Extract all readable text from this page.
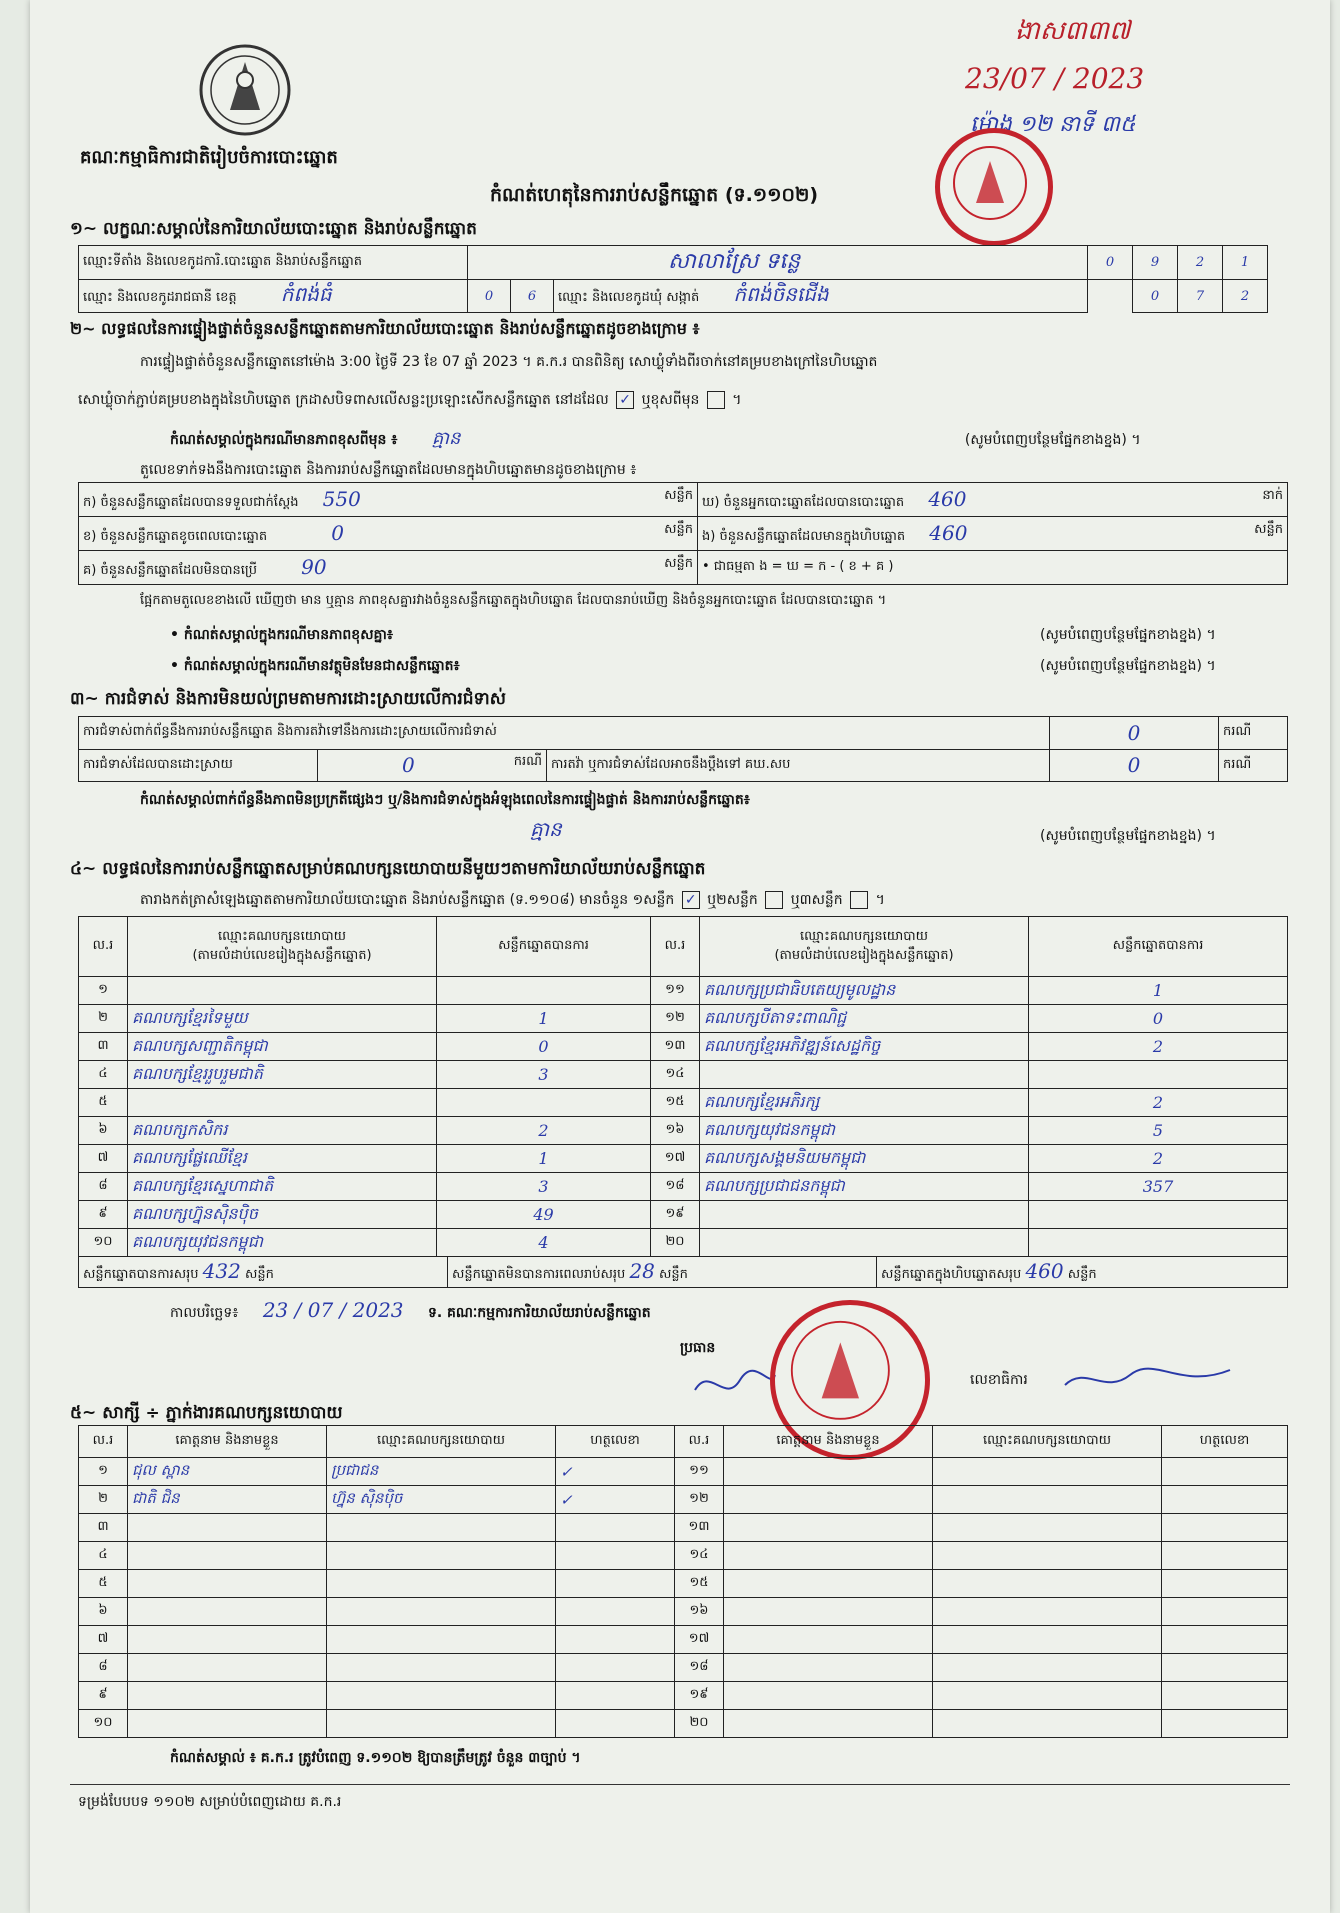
គណៈកម្មាធិការជាតិរៀបចំការបោះឆ្នោត
កំណត់ហេតុនៃការរាប់សន្លឹកឆ្នោត (ទ.១១០២)
ងាស៣៣៧
23/07 / 2023
ម៉ោង ១២ នាទី ៣៥
១~ លក្ខណៈសម្គាល់នៃការិយាល័យបោះឆ្នោត និងរាប់សន្លឹកឆ្នោត
ឈ្មោះទីតាំង និងលេខកូដការិ.បោះឆ្នោត និងរាប់សន្លឹកឆ្នោត	សាលាស្រែ ទន្លេ			0	9	2	1
ឈ្មោះ និងលេខកូដរាជធានី ខេត្ត កំពង់ធំ	0	6	ឈ្មោះ និងលេខកូដឃុំ សង្កាត់ កំពង់ចិនជើង		0	7	2
២~ លទ្ធផលនៃការផ្ទៀងផ្ទាត់ចំនួនសន្លឹកឆ្នោតតាមការិយាល័យបោះឆ្នោត និងរាប់សន្លឹកឆ្នោតដូចខាងក្រោម ៖
ការផ្ទៀងផ្ទាត់ចំនួនសន្លឹកឆ្នោតនៅម៉ោង 3:00 ថ្ងៃទី 23 ខែ 07 ឆ្នាំ 2023 ។ គ.ក.រ បានពិនិត្យ សោឃ្លុំទាំងពីរចាក់នៅគម្របខាងក្រៅនៃហិបឆ្នោត
សោឃ្លុំចាក់ភ្ជាប់គម្របខាងក្នុងនៃហិបឆ្នោត ក្រដាសបិទពាសលើសន្លះប្រឡោះសើកសន្លឹកឆ្នោត នៅដដែល ✓ ឬខុសពីមុន  ។
កំណត់សម្គាល់ក្នុងករណីមានភាពខុសពីមុន ៖ គ្មាន	(សូមបំពេញបន្ថែមផ្នែកខាងខ្នង) ។
តួលេខទាក់ទងនឹងការបោះឆ្នោត និងការរាប់សន្លឹកឆ្នោតដែលមានក្នុងហិបឆ្នោតមានដូចខាងក្រោម ៖
ក) ចំនួនសន្លឹកឆ្នោតដែលបានទទួលជាក់ស្តែង 550 សន្លឹក	ឃ) ចំនួនអ្នកបោះឆ្នោតដែលបានបោះឆ្នោត 460 នាក់

ខ) ចំនួនសន្លឹកឆ្នោតខូចពេលបោះឆ្នោត 0 សន្លឹក	ង) ចំនួនសន្លឹកឆ្នោតដែលមានក្នុងហិបឆ្នោត 460 សន្លឹក

គ) ចំនួនសន្លឹកឆ្នោតដែលមិនបានប្រើ 90 សន្លឹក	• ជាធម្មតា ង = ឃ = ក - ( ខ + គ )
ផ្អែកតាមតួលេខខាងលើ ឃើញថា មាន ឬគ្មាន ភាពខុសគ្នារវាងចំនួនសន្លឹកឆ្នោតក្នុងហិបឆ្នោត ដែលបានរាប់ឃើញ និងចំនួនអ្នកបោះឆ្នោត ដែលបានបោះឆ្នោត ។
• កំណត់សម្គាល់ក្នុងករណីមានភាពខុសគ្នា៖	(សូមបំពេញបន្ថែមផ្នែកខាងខ្នង) ។
• កំណត់សម្គាល់ក្នុងករណីមានវត្ថុមិនមែនជាសន្លឹកឆ្នោត៖	(សូមបំពេញបន្ថែមផ្នែកខាងខ្នង) ។
៣~ ការជំទាស់ និងការមិនយល់ព្រមតាមការដោះស្រាយលើការជំទាស់
ការជំទាស់ពាក់ព័ន្ធនឹងការរាប់សន្លឹកឆ្នោត និងការតវ៉ាទៅនឹងការដោះស្រាយលើការជំទាស់			0	ករណី
ការជំទាស់ដែលបានដោះស្រាយ	0 ករណី	ការតវ៉ា ឬការជំទាស់ដែលអាចនឹងប្តឹងទៅ គឃ.សប	0	ករណី
កំណត់សម្គាល់ពាក់ព័ន្ធនឹងភាពមិនប្រក្រតីផ្សេងៗ ឬ/និងការជំទាស់ក្នុងអំឡុងពេលនៃការផ្ទៀងផ្ទាត់ និងការរាប់សន្លឹកឆ្នោត៖
គ្មាន	(សូមបំពេញបន្ថែមផ្នែកខាងខ្នង) ។
៤~ លទ្ធផលនៃការរាប់សន្លឹកឆ្នោតសម្រាប់គណបក្សនយោបាយនីមួយៗតាមការិយាល័យរាប់សន្លឹកឆ្នោត
តារាងកត់ត្រាសំឡេងឆ្នោតតាមការិយាល័យបោះឆ្នោត និងរាប់សន្លឹកឆ្នោត (ទ.១១០៨) មានចំនួន ១សន្លឹក ✓ ឬ២សន្លឹក ឬ៣សន្លឹក  ។
ល.រ	ឈ្មោះគណបក្សនយោបាយ
(តាមលំដាប់លេខរៀងក្នុងសន្លឹកឆ្នោត)	សន្លឹកឆ្នោតបានការ	ល.រ	ឈ្មោះគណបក្សនយោបាយ
(តាមលំដាប់លេខរៀងក្នុងសន្លឹកឆ្នោត)	សន្លឹកឆ្នោតបានការ
១			១១	គណបក្សប្រជាធិបតេយ្យមូលដ្ឋាន	1
២	គណបក្សខ្មែរទៃមួយ	1	១២	គណបក្សបីតាទះពាណិជ្ជ	0
៣	គណបក្សសញ្ជាតិកម្ពុជា	0	១៣	គណបក្សខ្មែរអភិវឌ្ឍន៍សេដ្ឋកិច្ច	2
៤	គណបក្សខ្មែររួបរួមជាតិ	3	១៤		
៥			១៥	គណបក្សខ្មែរអភិរក្ស	2
៦	គណបក្សកសិករ	2	១៦	គណបក្សយុវជនកម្ពុជា	5
៧	គណបក្សផ្លែឈើខ្មែរ	1	១៧	គណបក្សសង្គមនិយមកម្ពុជា	2
៨	គណបក្សខ្មែរស្នេហាជាតិ	3	១៨	គណបក្សប្រជាជនកម្ពុជា	357
៩	គណបក្សហ្វ៊ុនស៊ិនប៉ិច	49	១៩		
១០	គណបក្សយុវជនកម្ពុជា	4	២០		
សន្លឹកឆ្នោតបានការសរុប 432 សន្លឹក	សន្លឹកឆ្នោតមិនបានការពេលរាប់សរុប 28 សន្លឹក	សន្លឹកឆ្នោតក្នុងហិបឆ្នោតសរុប 460 សន្លឹក
កាលបរិច្ឆេទ៖ 23 / 07 / 2023 ទ. គណៈកម្មការការិយាល័យរាប់សន្លឹកឆ្នោត
ប្រធាន
លេខាធិការ
៥~ សាក្សី ÷ ភ្នាក់ងារគណបក្សនយោបាយ
ល.រ	គោត្តនាម និងនាមខ្លួន	ឈ្មោះគណបក្សនយោបាយ	ហត្ថលេខា	ល.រ	គោត្តនាម និងនាមខ្លួន	ឈ្មោះគណបក្សនយោបាយ	ហត្ថលេខា
១	ជុល ស្ពាន	ប្រជាជន	✓	១១			
២	ជាតិ ជិន	ហ្វ៊ុន ស៊ិនប៉ិច	✓	១២			
៣				១៣			
៤				១៤			
៥				១៥			
៦				១៦			
៧				១៧			
៨				១៨			
៩				១៩			
១០				២០			
កំណត់សម្គាល់ ៖ គ.ក.រ ត្រូវបំពេញ ទ.១១០២ ឱ្យបានត្រឹមត្រូវ ចំនួន ៣ច្បាប់ ។
ទម្រង់បែបបទ ១១០២ សម្រាប់បំពេញដោយ គ.ក.រ
